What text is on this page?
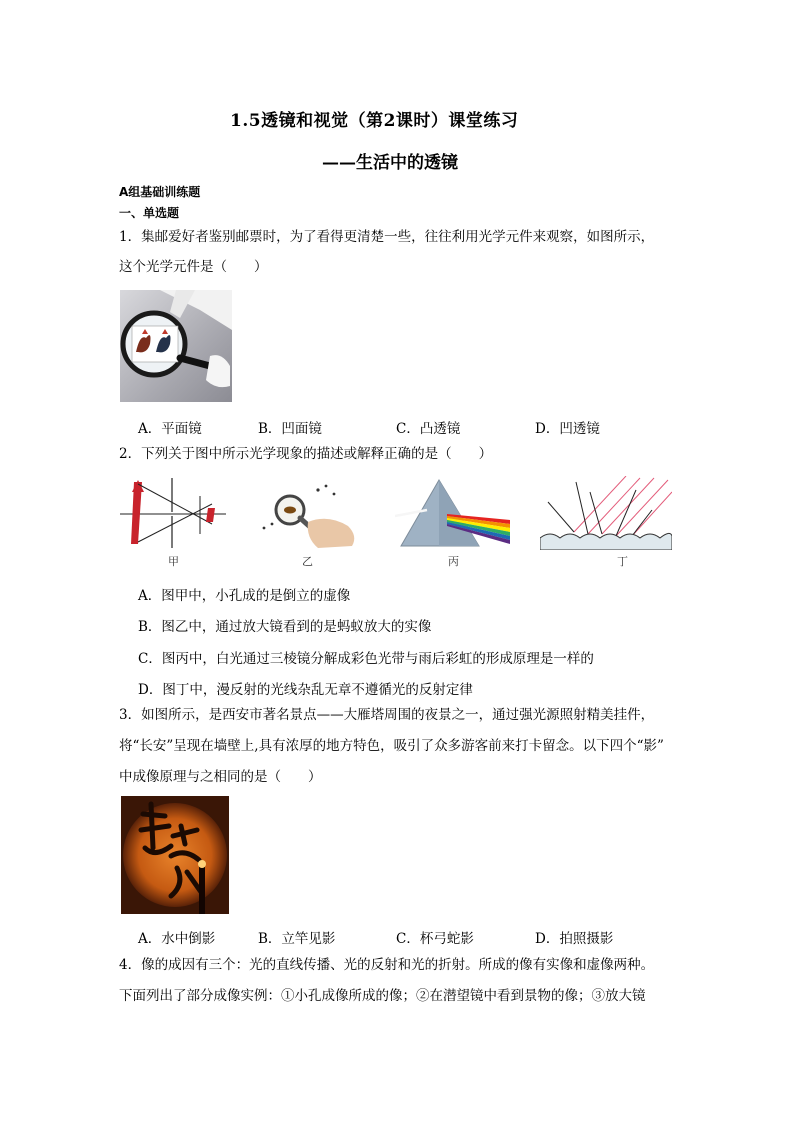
1.5透镜和视觉（第2课时）课堂练习
——生活中的透镜
A组基础训练题
一、单选题
1．集邮爱好者鉴别邮票时，为了看得更清楚一些，往往利用光学元件来观察，如图所示，
这个光学元件是（　　）
A．平面镜	B．凹面镜	C．凸透镜	D．凹透镜
2．下列关于图中所示光学现象的描述或解释正确的是（　　）
甲	乙	丙	丁
A．图甲中，小孔成的是倒立的虚像
B．图乙中，通过放大镜看到的是蚂蚁放大的实像
C．图丙中，白光通过三棱镜分解成彩色光带与雨后彩虹的形成原理是一样的
D．图丁中，漫反射的光线杂乱无章不遵循光的反射定律
3．如图所示，是西安市著名景点——大雁塔周围的夜景之一，通过强光源照射精美挂件，
将“长安”呈现在墙壁上,具有浓厚的地方特色，吸引了众多游客前来打卡留念。以下四个“影”
中成像原理与之相同的是（　　）
A．水中倒影	B．立竿见影	C．杯弓蛇影	D．拍照摄影
4．像的成因有三个：光的直线传播、光的反射和光的折射。所成的像有实像和虚像两种。
下面列出了部分成像实例：①小孔成像所成的像；②在潜望镜中看到景物的像；③放大镜
